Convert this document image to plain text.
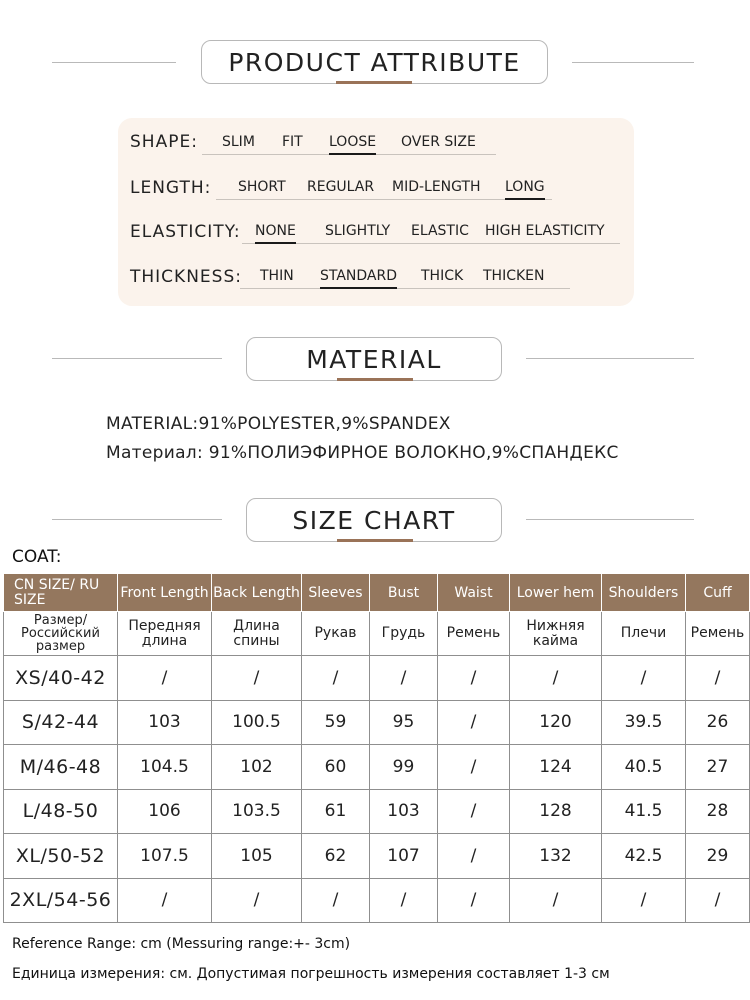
PRODUCT ATTRIBUTE
SHAPE: SLIM FIT LOOSE OVER SIZE
LENGTH: SHORT REGULAR MID-LENGTH LONG
ELASTICITY: NONE SLIGHTLY ELASTIC HIGH ELASTICITY
THICKNESS: THIN STANDARD THICK THICKEN
MATERIAL
MATERIAL:91%POLYESTER,9%SPANDEX
Материал: 91%ПОЛИЭФИРНОЕ ВОЛОКНО,9%СПАНДЕКС
SIZE CHART
COAT:
CN SIZE/ RU SIZE	Front Length	Back Length	Sleeves	Bust	Waist	Lower hem	Shoulders	Cuff
Размер/ Российский размер	Передняя длина	Длина спины	Рукав	Грудь	Ремень	Нижняя кайма	Плечи	Ремень
XS/40-42	/	/	/	/	/	/	/	/
S/42-44	103	100.5	59	95	/	120	39.5	26
M/46-48	104.5	102	60	99	/	124	40.5	27
L/48-50	106	103.5	61	103	/	128	41.5	28
XL/50-52	107.5	105	62	107	/	132	42.5	29
2XL/54-56	/	/	/	/	/	/	/	/
Reference Range: cm (Messuring range:+- 3cm)
Единица измерения: см. Допустимая погрешность измерения составляет 1-3 см
